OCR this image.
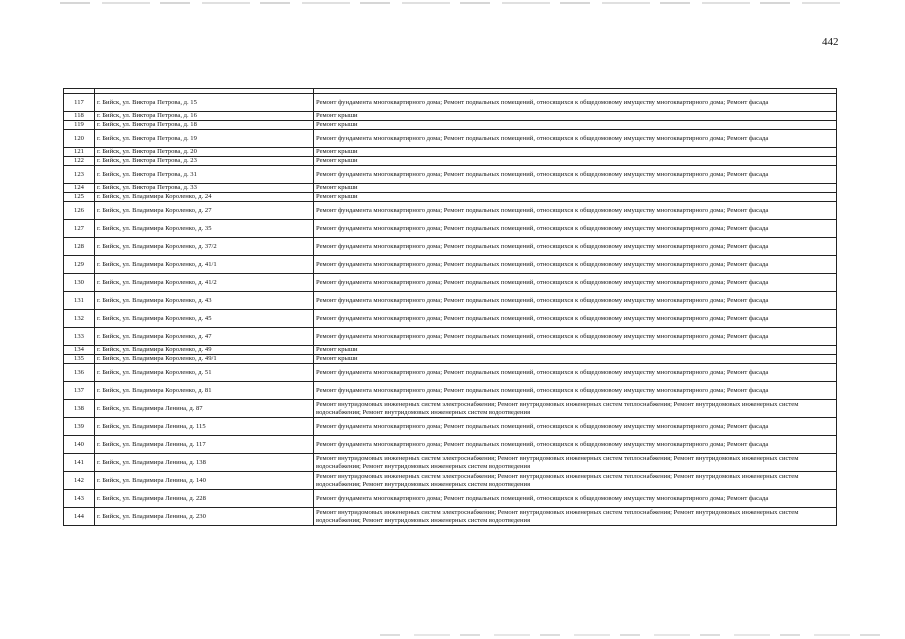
442

117	г. Бийск, ул. Виктора Петрова, д. 15	Ремонт фундамента многоквартирного дома; Ремонт подвальных помещений, относящихся к общедомовому имуществу многоквартирного дома; Ремонт фасада
118	г. Бийск, ул. Виктора Петрова, д. 16	Ремонт крыши
119	г. Бийск, ул. Виктора Петрова, д. 18	Ремонт крыши
120	г. Бийск, ул. Виктора Петрова, д. 19	Ремонт фундамента многоквартирного дома; Ремонт подвальных помещений, относящихся к общедомовому имуществу многоквартирного дома; Ремонт фасада
121	г. Бийск, ул. Виктора Петрова, д. 20	Ремонт крыши
122	г. Бийск, ул. Виктора Петрова, д. 23	Ремонт крыши
123	г. Бийск, ул. Виктора Петрова, д. 31	Ремонт фундамента многоквартирного дома; Ремонт подвальных помещений, относящихся к общедомовому имуществу многоквартирного дома; Ремонт фасада
124	г. Бийск, ул. Виктора Петрова, д. 33	Ремонт крыши
125	г. Бийск, ул. Владимира Короленко, д. 24	Ремонт крыши
126	г. Бийск, ул. Владимира Короленко, д. 27	Ремонт фундамента многоквартирного дома; Ремонт подвальных помещений, относящихся к общедомовому имуществу многоквартирного дома; Ремонт фасада
127	г. Бийск, ул. Владимира Короленко, д. 35	Ремонт фундамента многоквартирного дома; Ремонт подвальных помещений, относящихся к общедомовому имуществу многоквартирного дома; Ремонт фасада
128	г. Бийск, ул. Владимира Короленко, д. 37/2	Ремонт фундамента многоквартирного дома; Ремонт подвальных помещений, относящихся к общедомовому имуществу многоквартирного дома; Ремонт фасада
129	г. Бийск, ул. Владимира Короленко, д. 41/1	Ремонт фундамента многоквартирного дома; Ремонт подвальных помещений, относящихся к общедомовому имуществу многоквартирного дома; Ремонт фасада
130	г. Бийск, ул. Владимира Короленко, д. 41/2	Ремонт фундамента многоквартирного дома; Ремонт подвальных помещений, относящихся к общедомовому имуществу многоквартирного дома; Ремонт фасада
131	г. Бийск, ул. Владимира Короленко, д. 43	Ремонт фундамента многоквартирного дома; Ремонт подвальных помещений, относящихся к общедомовому имуществу многоквартирного дома; Ремонт фасада
132	г. Бийск, ул. Владимира Короленко, д. 45	Ремонт фундамента многоквартирного дома; Ремонт подвальных помещений, относящихся к общедомовому имуществу многоквартирного дома; Ремонт фасада
133	г. Бийск, ул. Владимира Короленко, д. 47	Ремонт фундамента многоквартирного дома; Ремонт подвальных помещений, относящихся к общедомовому имуществу многоквартирного дома; Ремонт фасада
134	г. Бийск, ул. Владимира Короленко, д. 49	Ремонт крыши
135	г. Бийск, ул. Владимира Короленко, д. 49/1	Ремонт крыши
136	г. Бийск, ул. Владимира Короленко, д. 51	Ремонт фундамента многоквартирного дома; Ремонт подвальных помещений, относящихся к общедомовому имуществу многоквартирного дома; Ремонт фасада
137	г. Бийск, ул. Владимира Короленко, д. 81	Ремонт фундамента многоквартирного дома; Ремонт подвальных помещений, относящихся к общедомовому имуществу многоквартирного дома; Ремонт фасада
138	г. Бийск, ул. Владимира Ленина, д. 87	Ремонт внутридомовых инженерных систем электроснабжения; Ремонт внутридомовых инженерных систем теплоснабжения; Ремонт внутридомовых инженерных систем водоснабжения; Ремонт внутридомовых инженерных систем водоотведения
139	г. Бийск, ул. Владимира Ленина, д. 115	Ремонт фундамента многоквартирного дома; Ремонт подвальных помещений, относящихся к общедомовому имуществу многоквартирного дома; Ремонт фасада
140	г. Бийск, ул. Владимира Ленина, д. 117	Ремонт фундамента многоквартирного дома; Ремонт подвальных помещений, относящихся к общедомовому имуществу многоквартирного дома; Ремонт фасада
141	г. Бийск, ул. Владимира Ленина, д. 138	Ремонт внутридомовых инженерных систем электроснабжения; Ремонт внутридомовых инженерных систем теплоснабжения; Ремонт внутридомовых инженерных систем водоснабжения; Ремонт внутридомовых инженерных систем водоотведения
142	г. Бийск, ул. Владимира Ленина, д. 140	Ремонт внутридомовых инженерных систем электроснабжения; Ремонт внутридомовых инженерных систем теплоснабжения; Ремонт внутридомовых инженерных систем водоснабжения; Ремонт внутридомовых инженерных систем водоотведения
143	г. Бийск, ул. Владимира Ленина, д. 228	Ремонт фундамента многоквартирного дома; Ремонт подвальных помещений, относящихся к общедомовому имуществу многоквартирного дома; Ремонт фасада
144	г. Бийск, ул. Владимира Ленина, д. 230	Ремонт внутридомовых инженерных систем электроснабжения; Ремонт внутридомовых инженерных систем теплоснабжения; Ремонт внутридомовых инженерных систем водоснабжения; Ремонт внутридомовых инженерных систем водоотведения
